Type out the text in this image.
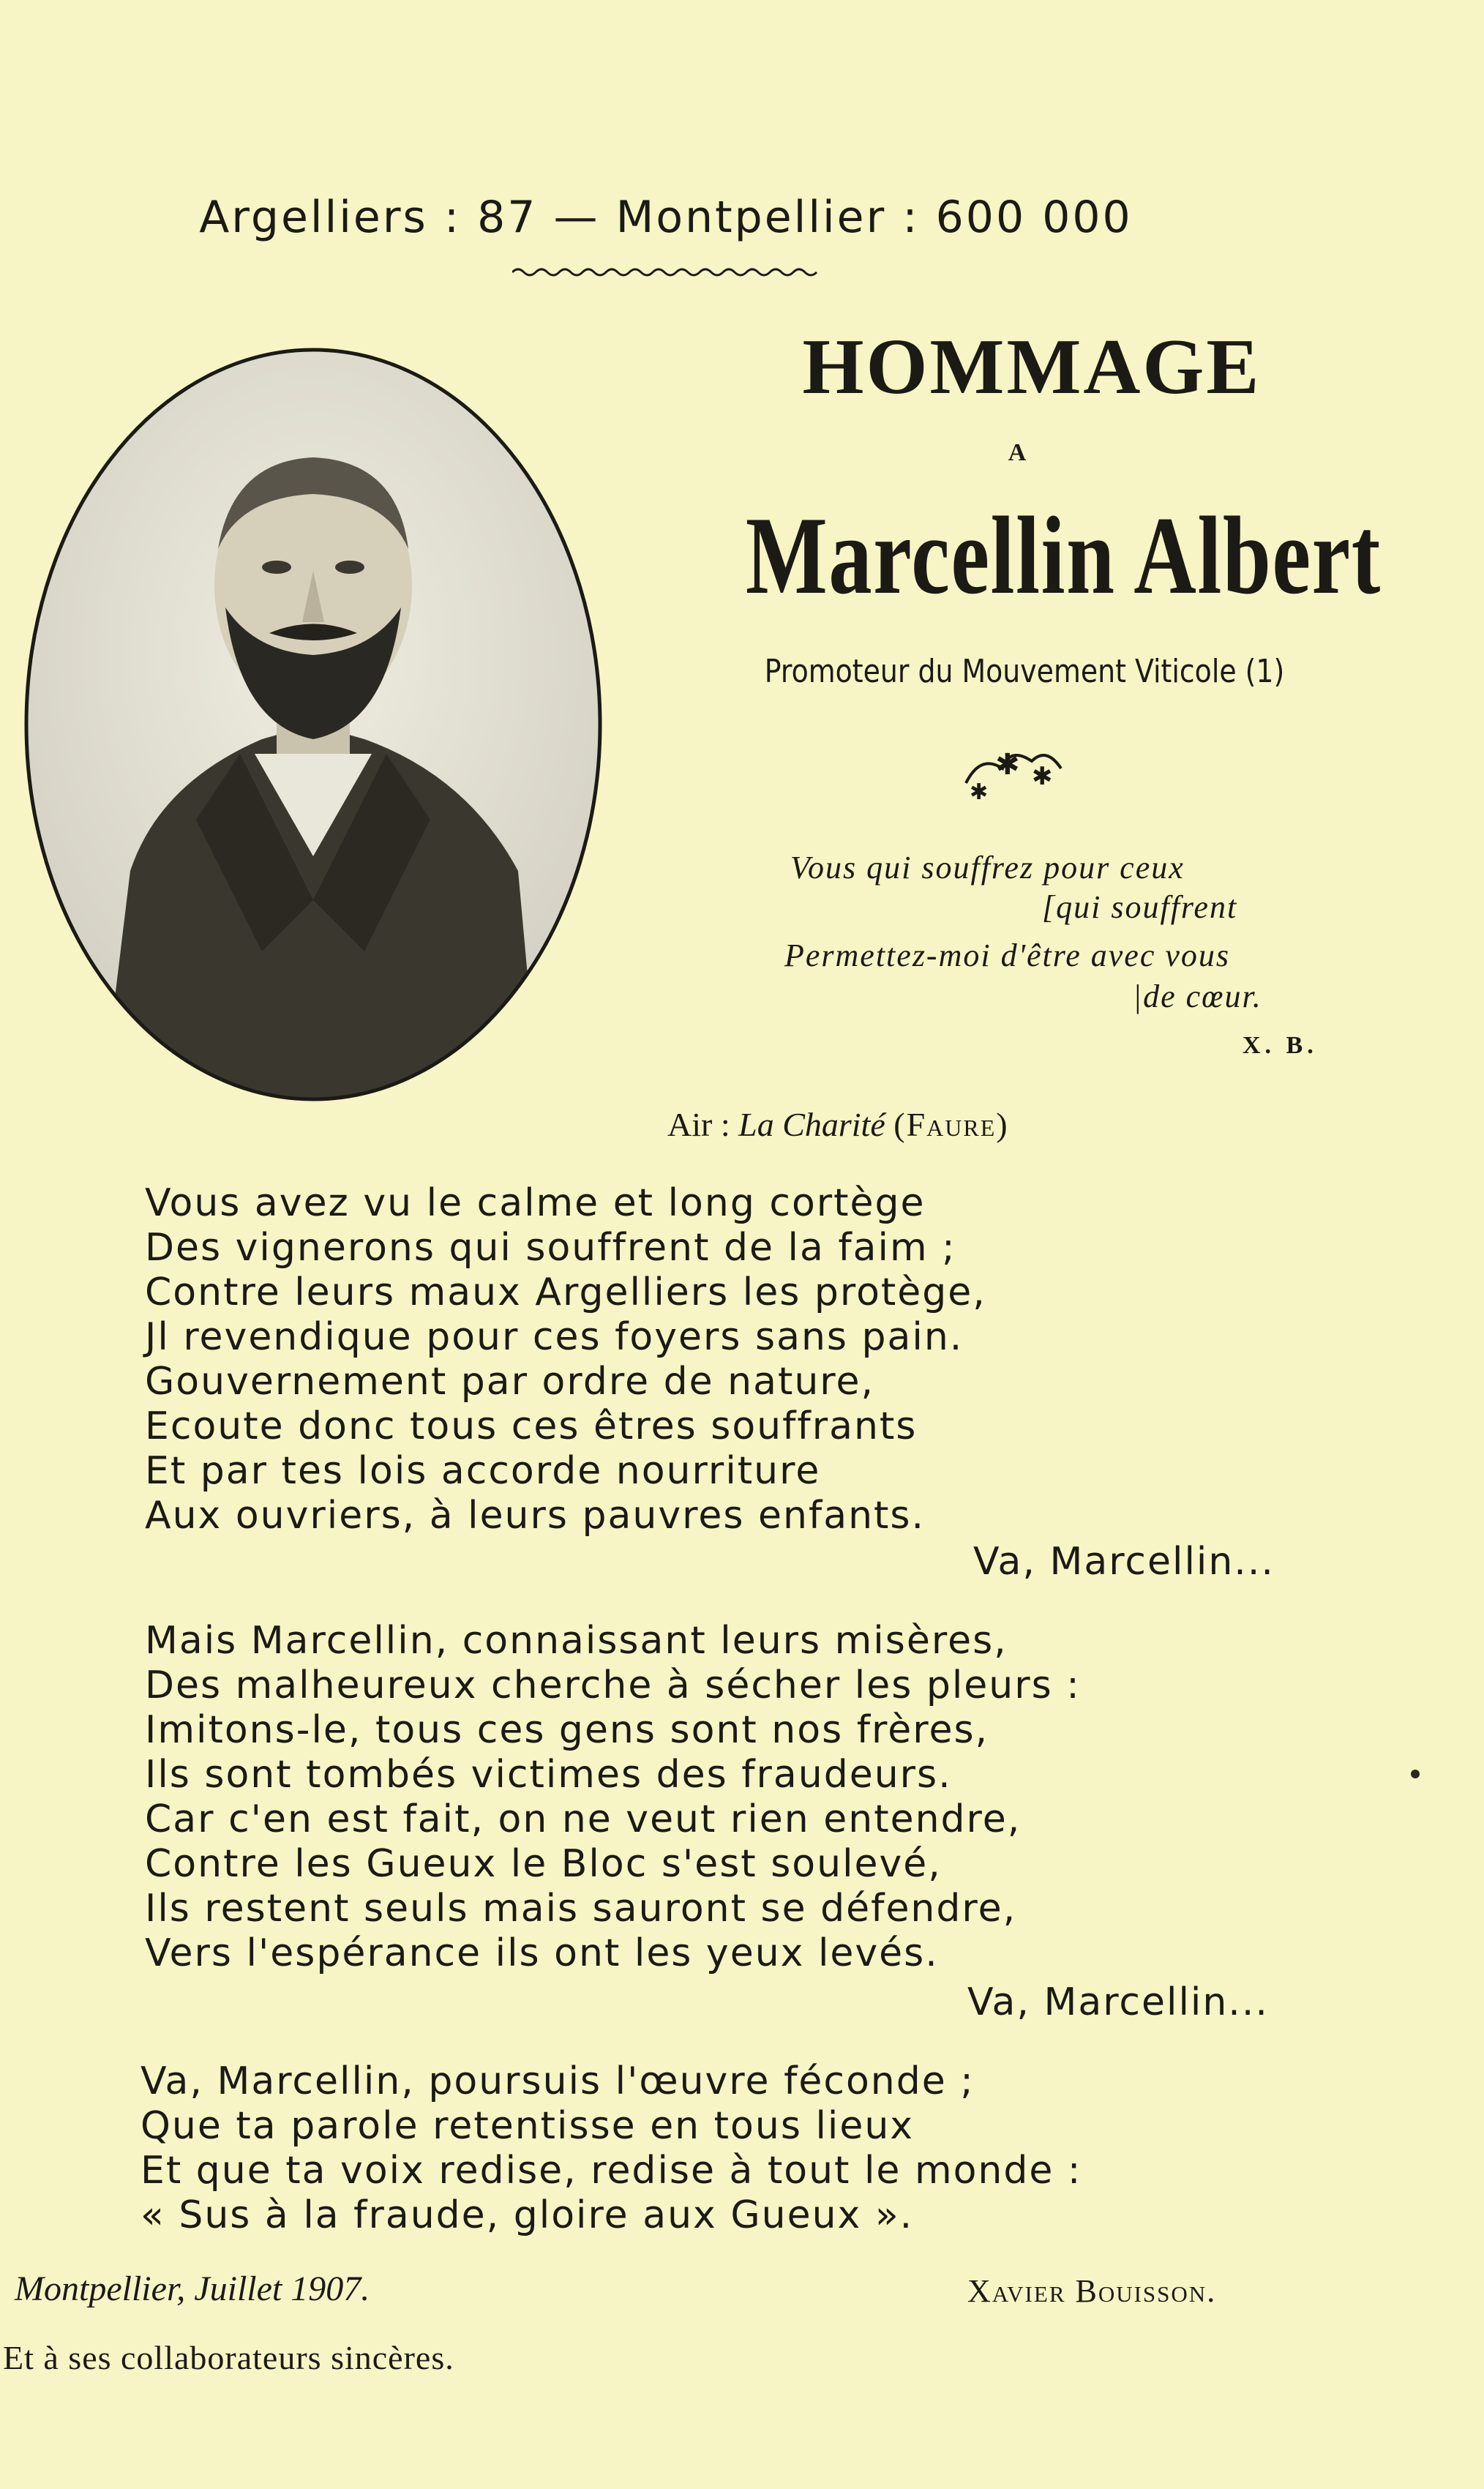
Argelliers : 87 — Montpellier : 600 000
HOMMAGE
A
Marcellin Albert
Promoteur du Mouvement Viticole (1)
✱ ✱
✱
Vous qui souffrez pour ceux
[qui souffrent
Permettez-moi d'être avec vous
|de cœur.
X. B.
Air : La Charité (Faure)
Vous avez vu le calme et long cortège
Des vignerons qui souffrent de la faim ;
Contre leurs maux Argelliers les protège,
Jl revendique pour ces foyers sans pain.
Gouvernement par ordre de nature,
Ecoute donc tous ces êtres souffrants
Et par tes lois accorde nourriture
Aux ouvriers, à leurs pauvres enfants.
Va, Marcellin...
Mais Marcellin, connaissant leurs misères,
Des malheureux cherche à sécher les pleurs :
Imitons-le, tous ces gens sont nos frères,
Ils sont tombés victimes des fraudeurs.
Car c'en est fait, on ne veut rien entendre,
Contre les Gueux le Bloc s'est soulevé,
Ils restent seuls mais sauront se défendre,
Vers l'espérance ils ont les yeux levés.
Va, Marcellin...
Va, Marcellin, poursuis l'œuvre féconde ;
Que ta parole retentisse en tous lieux
Et que ta voix redise, redise à tout le monde :
« Sus à la fraude, gloire aux Gueux ».
Montpellier, Juillet 1907.	Xavier Bouisson.
Et à ses collaborateurs sincères.
